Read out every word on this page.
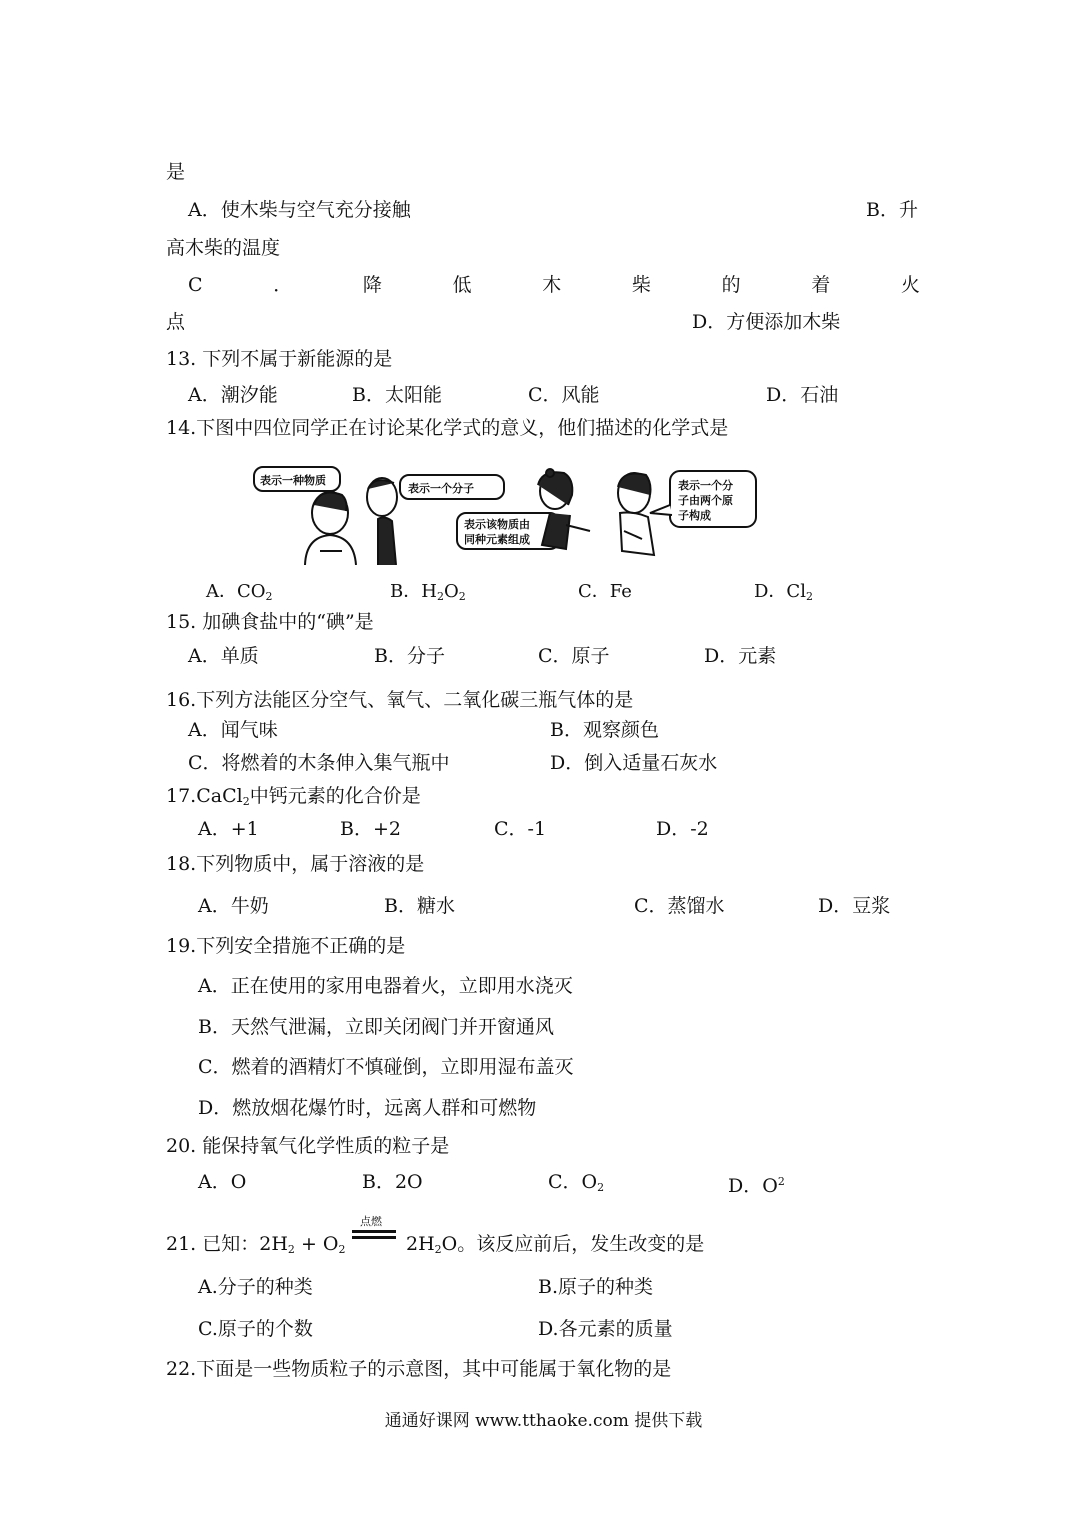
是
A．使木柴与空气充分接触	B．升
高木柴的温度
C	．	降	低	木	柴	的	着	火
点	D．方便添加木柴
13. 下列不属于新能源的是
A．潮汐能	B．太阳能	C．风能	D．石油
14.下图中四位同学正在讨论某化学式的意义，他们描述的化学式是
表示一种物质
表示一个分子
表示该物质由
同种元素组成
表示一个分
子由两个原
子构成
A．$CO_2$	B．$H_2O_2$	C．Fe	D．$Cl_2$
15. 加碘食盐中的“碘”是
A．单质	B．分子	C．原子	D．元素
16.下列方法能区分空气、氧气、二氧化碳三瓶气体的是
A．闻气味	B．观察颜色
C．将燃着的木条伸入集气瓶中	D．倒入适量石灰水
17.CaCl$_2$中钙元素的化合价是
A．+1	B．+2	C．-1	D．-2
18.下列物质中，属于溶液的是
A．牛奶	B．糖水	C．蒸馏水	D．豆浆
19.下列安全措施不正确的是
A．正在使用的家用电器着火，立即用水浇灭
B．天然气泄漏，立即关闭阀门并开窗通风
C．燃着的酒精灯不慎碰倒，立即用湿布盖灭
D．燃放烟花爆竹时，远离人群和可燃物
20. 能保持氧气化学性质的粒子是
A．O	B．2O	C．$O_2$	D．$O^2$
21. 已知：$2H_2 + O_2$
点燃
$2H_2O$。该反应前后，发生改变的是
A.分子的种类	B.原子的种类
C.原子的个数	D.各元素的质量
22.下面是一些物质粒子的示意图，其中可能属于氧化物的是
通通好课网 www.tthaoke.com 提供下载
